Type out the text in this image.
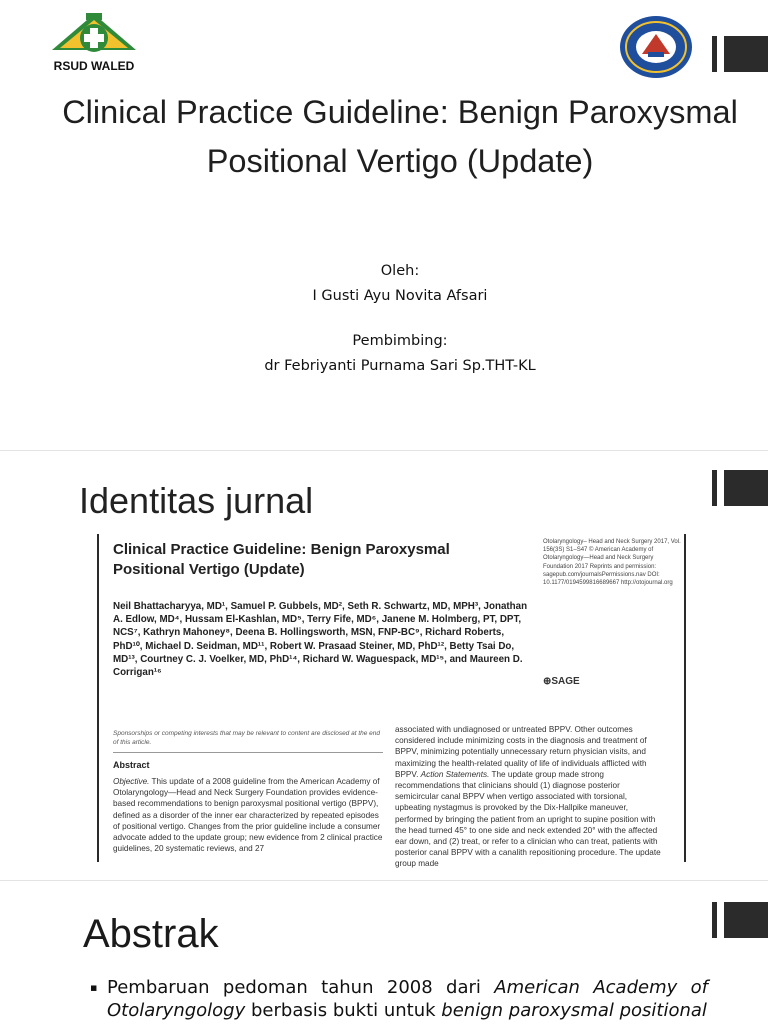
RSUD WALED
Clinical Practice Guideline: Benign Paroxysmal Positional Vertigo (Update)
Oleh:
I Gusti Ayu Novita Afsari
Pembimbing:
dr Febriyanti Purnama Sari Sp.THT-KL
Identitas jurnal
Clinical Practice Guideline: Benign Paroxysmal Positional Vertigo (Update)
Otolaryngology– Head and Neck Surgery 2017, Vol. 156(3S) S1–S47 © American Academy of Otolaryngology—Head and Neck Surgery Foundation 2017 Reprints and permission: sagepub.com/journalsPermissions.nav DOI: 10.1177/0194599816689667 http://otojournal.org
⊕SAGE
Neil Bhattacharyya, MD¹, Samuel P. Gubbels, MD², Seth R. Schwartz, MD, MPH³, Jonathan A. Edlow, MD⁴, Hussam El-Kashlan, MD⁵, Terry Fife, MD⁶, Janene M. Holmberg, PT, DPT, NCS⁷, Kathryn Mahoney⁸, Deena B. Hollingsworth, MSN, FNP-BC⁹, Richard Roberts, PhD¹⁰, Michael D. Seidman, MD¹¹, Robert W. Prasaad Steiner, MD, PhD¹², Betty Tsai Do, MD¹³, Courtney C. J. Voelker, MD, PhD¹⁴, Richard W. Waguespack, MD¹⁵, and Maureen D. Corrigan¹⁶
Sponsorships or competing interests that may be relevant to content are disclosed at the end of this article.
Abstract
Objective. This update of a 2008 guideline from the American Academy of Otolaryngology—Head and Neck Surgery Foundation provides evidence-based recommendations to benign paroxysmal positional vertigo (BPPV), defined as a disorder of the inner ear characterized by repeated episodes of positional vertigo. Changes from the prior guideline include a consumer advocate added to the update group; new evidence from 2 clinical practice guidelines, 20 systematic reviews, and 27
associated with undiagnosed or untreated BPPV. Other outcomes considered include minimizing costs in the diagnosis and treatment of BPPV, minimizing potentially unnecessary return physician visits, and maximizing the health-related quality of life of individuals afflicted with BPPV. Action Statements. The update group made strong recommendations that clinicians should (1) diagnose posterior semicircular canal BPPV when vertigo associated with torsional, upbeating nystagmus is provoked by the Dix-Hallpike maneuver, performed by bringing the patient from an upright to supine position with the head turned 45° to one side and neck extended 20° with the affected ear down, and (2) treat, or refer to a clinician who can treat, patients with posterior canal BPPV with a canalith repositioning procedure. The update group made
Abstrak
▪ Pembaruan pedoman tahun 2008 dari American Academy of Otolaryngology berbasis bukti untuk benign paroxysmal positional
